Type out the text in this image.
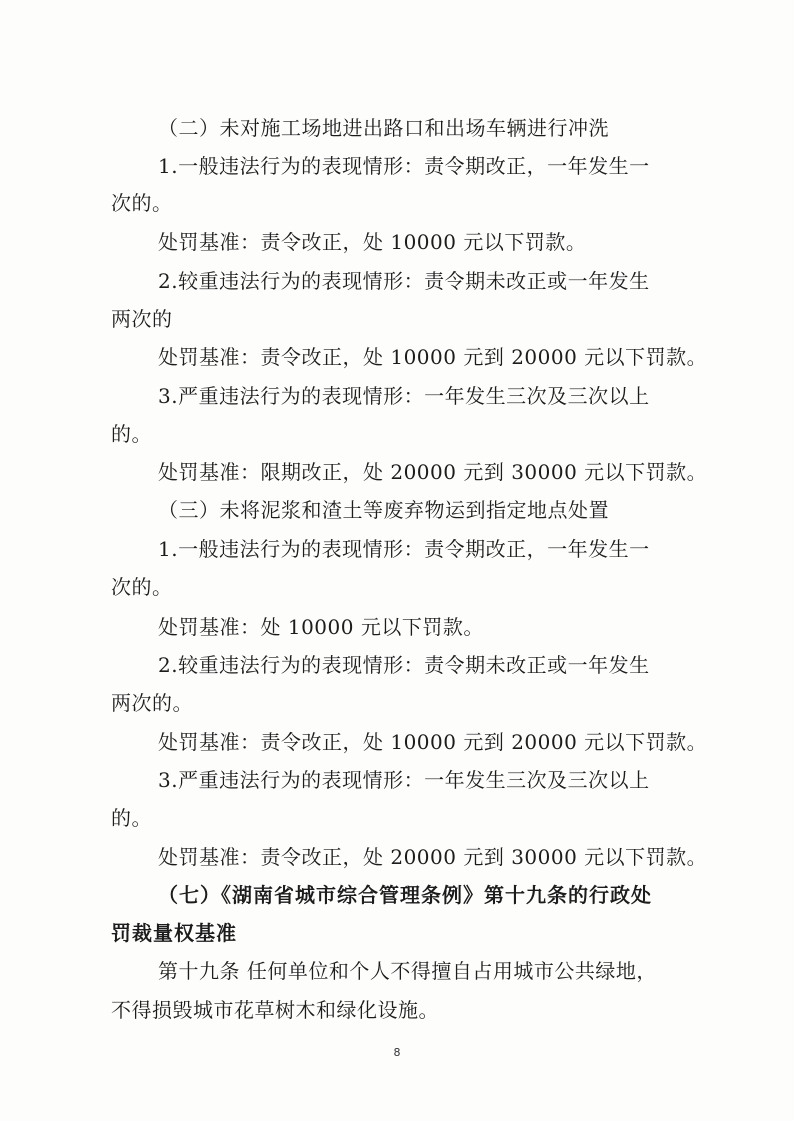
（二）未对施工场地进出路口和出场车辆进行冲洗
1.一般违法行为的表现情形：责令期改正，一年发生一
次的。
处罚基准：责令改正，处 10000 元以下罚款。
2.较重违法行为的表现情形：责令期未改正或一年发生
两次的
处罚基准：责令改正，处 10000 元到 20000 元以下罚款。
3.严重违法行为的表现情形：一年发生三次及三次以上
的。
处罚基准：限期改正，处 20000 元到 30000 元以下罚款。
（三）未将泥浆和渣土等废弃物运到指定地点处置
1.一般违法行为的表现情形：责令期改正，一年发生一
次的。
处罚基准：处 10000 元以下罚款。
2.较重违法行为的表现情形：责令期未改正或一年发生
两次的。
处罚基准：责令改正，处 10000 元到 20000 元以下罚款。
3.严重违法行为的表现情形：一年发生三次及三次以上
的。
处罚基准：责令改正，处 20000 元到 30000 元以下罚款。
（七）《湖南省城市综合管理条例》第十九条的行政处
罚裁量权基准
第十九条 任何单位和个人不得擅自占用城市公共绿地，
不得损毁城市花草树木和绿化设施。
8
